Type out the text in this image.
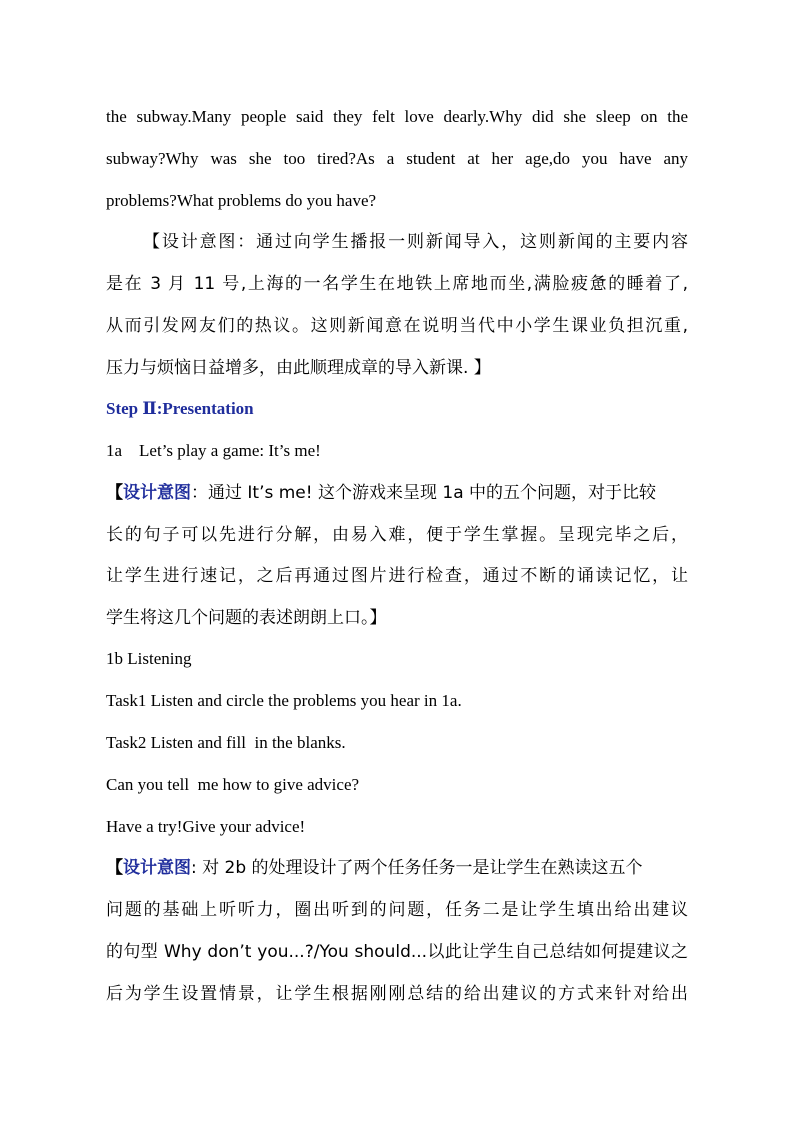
the subway.Many people said they felt love dearly.Why did she sleep on the
subway?Why was she too tired?As a student at her age,do you have any
problems?What problems do you have?
【设计意图：通过向学生播报一则新闻导入，这则新闻的主要内容
是在 3 月 11 号,上海的一名学生在地铁上席地而坐,满脸疲惫的睡着了,
从而引发网友们的热议。这则新闻意在说明当代中小学生课业负担沉重,
压力与烦恼日益增多，由此顺理成章的导入新课. 】
Step Ⅱ:Presentation
1a    Let’s play a game: It’s me!
【设计意图：通过 It’s me! 这个游戏来呈现 1a 中的五个问题，对于比较
长的句子可以先进行分解，由易入难，便于学生掌握。呈现完毕之后，
让学生进行速记，之后再通过图片进行检查，通过不断的诵读记忆，让
学生将这几个问题的表述朗朗上口。】
1b Listening
Task1 Listen and circle the problems you hear in 1a.
Task2 Listen and fill  in the blanks.
Can you tell  me how to give advice?
Have a try!Give your advice!
【设计意图: 对 2b 的处理设计了两个任务任务一是让学生在熟读这五个
问题的基础上听听力，圈出听到的问题，任务二是让学生填出给出建议
的句型 Why don’t you...?/You should...以此让学生自己总结如何提建议之
后为学生设置情景，让学生根据刚刚总结的给出建议的方式来针对给出
